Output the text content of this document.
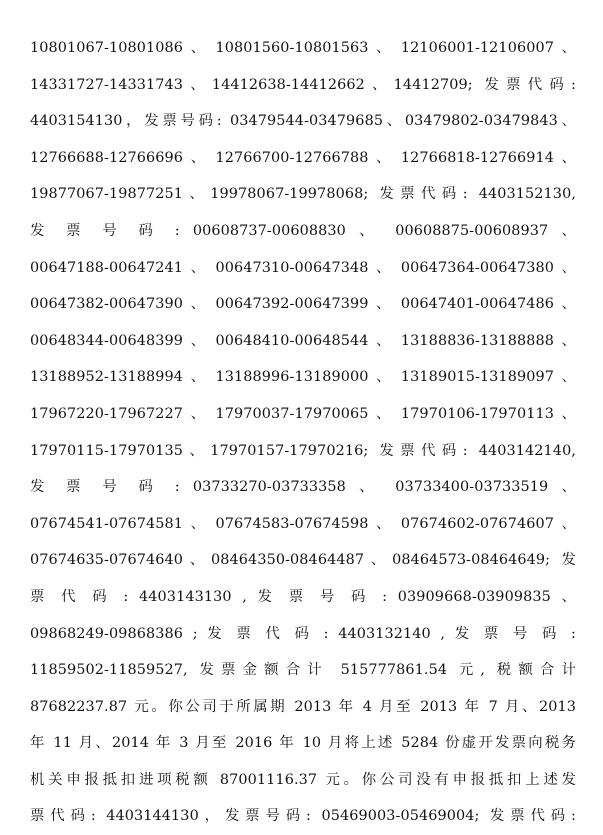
10801067-10801086 、 10801560-10801563 、 12106001-12106007 、
14331727-14331743、14412638-14412662、14412709; 发票代码:
4403154130，发票号码: 03479544-03479685、03479802-03479843、
12766688-12766696 、 12766700-12766788 、 12766818-12766914 、
19877067-19877251、19978067-19978068; 发票代码: 4403152130,
发 票 号 码 : 00608737-00608830 、 00608875-00608937 、
00647188-00647241 、 00647310-00647348 、 00647364-00647380 、
00647382-00647390 、 00647392-00647399 、 00647401-00647486 、
00648344-00648399 、 00648410-00648544 、 13188836-13188888 、
13188952-13188994 、 13188996-13189000 、 13189015-13189097 、
17967220-17967227 、 17970037-17970065 、 17970106-17970113 、
17970115-17970135、17970157-17970216; 发票代码: 4403142140,
发 票 号 码 : 03733270-03733358 、 03733400-03733519 、
07674541-07674581 、 07674583-07674598 、 07674602-07674607 、
07674635-07674640、08464350-08464487、08464573-08464649; 发
票 代 码 : 4403143130 , 发 票 号 码 : 03909668-03909835 、
09868249-09868386 ; 发 票 代 码 : 4403132140 , 发 票 号 码 :
11859502-11859527, 发票金额合计 515777861.54 元, 税额合计
87682237.87 元。你公司于所属期 2013 年 4 月至 2013 年 7 月、2013
年 11 月、2014 年 3 月至 2016 年 10 月将上述 5284 份虚开发票向税务
机关申报抵扣进项税额 87001116.37 元。你公司没有申报抵扣上述发
票代码: 4403144130，发票号码: 05469003-05469004; 发票代码:
